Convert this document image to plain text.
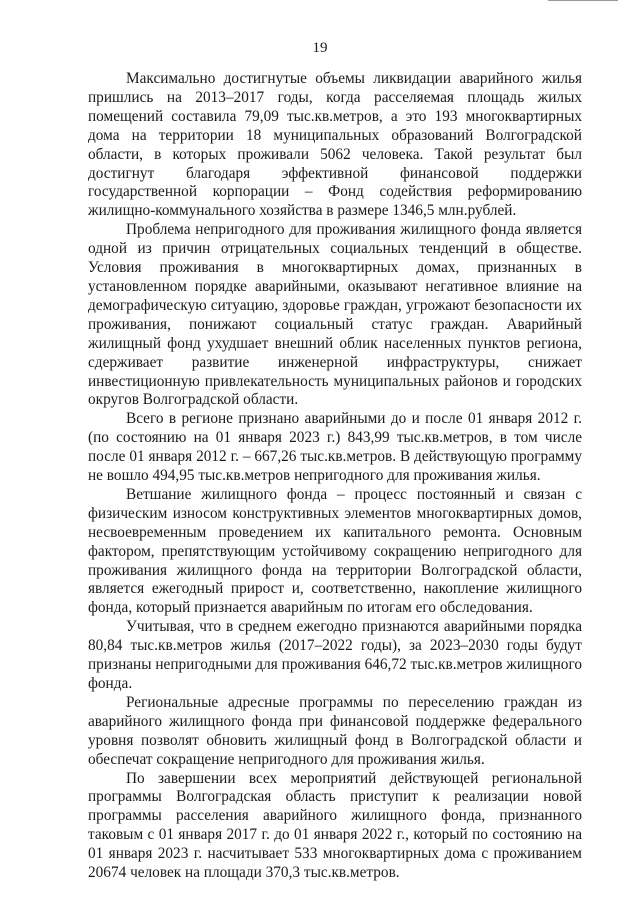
19

Максимально достигнутые объемы ликвидации аварийного жилья пришлись на 2013–2017 годы, когда расселяемая площадь жилых помещений составила 79,09 тыс.кв.метров, а это 193 многоквартирных дома на территории 18 муниципальных образований Волгоградской области, в которых проживали 5062 человека. Такой результат был достигнут благодаря эффективной финансовой поддержки государственной корпорации – Фонд содействия реформированию жилищно-коммунального хозяйства в размере 1346,5 млн.рублей.

Проблема непригодного для проживания жилищного фонда является одной из причин отрицательных социальных тенденций в обществе. Условия проживания в многоквартирных домах, признанных в установленном порядке аварийными, оказывают негативное влияние на демографическую ситуацию, здоровье граждан, угрожают безопасности их проживания, понижают социальный статус граждан. Аварийный жилищный фонд ухудшает внешний облик населенных пунктов региона, сдерживает развитие инженерной инфраструктуры, снижает инвестиционную привлекательность муниципальных районов и городских округов Волгоградской области.

Всего в регионе признано аварийными до и после 01 января 2012 г. (по состоянию на 01 января 2023 г.) 843,99 тыс.кв.метров, в том числе после 01 января 2012 г. – 667,26 тыс.кв.метров. В действующую программу не вошло 494,95 тыс.кв.метров непригодного для проживания жилья.

Ветшание жилищного фонда – процесс постоянный и связан с физическим износом конструктивных элементов многоквартирных домов, несвоевременным проведением их капитального ремонта. Основным фактором, препятствующим устойчивому сокращению непригодного для проживания жилищного фонда на территории Волгоградской области, является ежегодный прирост и, соответственно, накопление жилищного фонда, который признается аварийным по итогам его обследования.

Учитывая, что в среднем ежегодно признаются аварийными порядка 80,84 тыс.кв.метров жилья (2017–2022 годы), за 2023–2030 годы будут признаны непригодными для проживания 646,72 тыс.кв.метров жилищного фонда.

Региональные адресные программы по переселению граждан из аварийного жилищного фонда при финансовой поддержке федерального уровня позволят обновить жилищный фонд в Волгоградской области и обеспечат сокращение непригодного для проживания жилья.

По завершении всех мероприятий действующей региональной программы Волгоградская область приступит к реализации новой программы расселения аварийного жилищного фонда, признанного таковым с 01 января 2017 г. до 01 января 2022 г., который по состоянию на 01 января 2023 г. насчитывает 533 многоквартирных дома с проживанием 20674 человек на площади 370,3 тыс.кв.метров.
